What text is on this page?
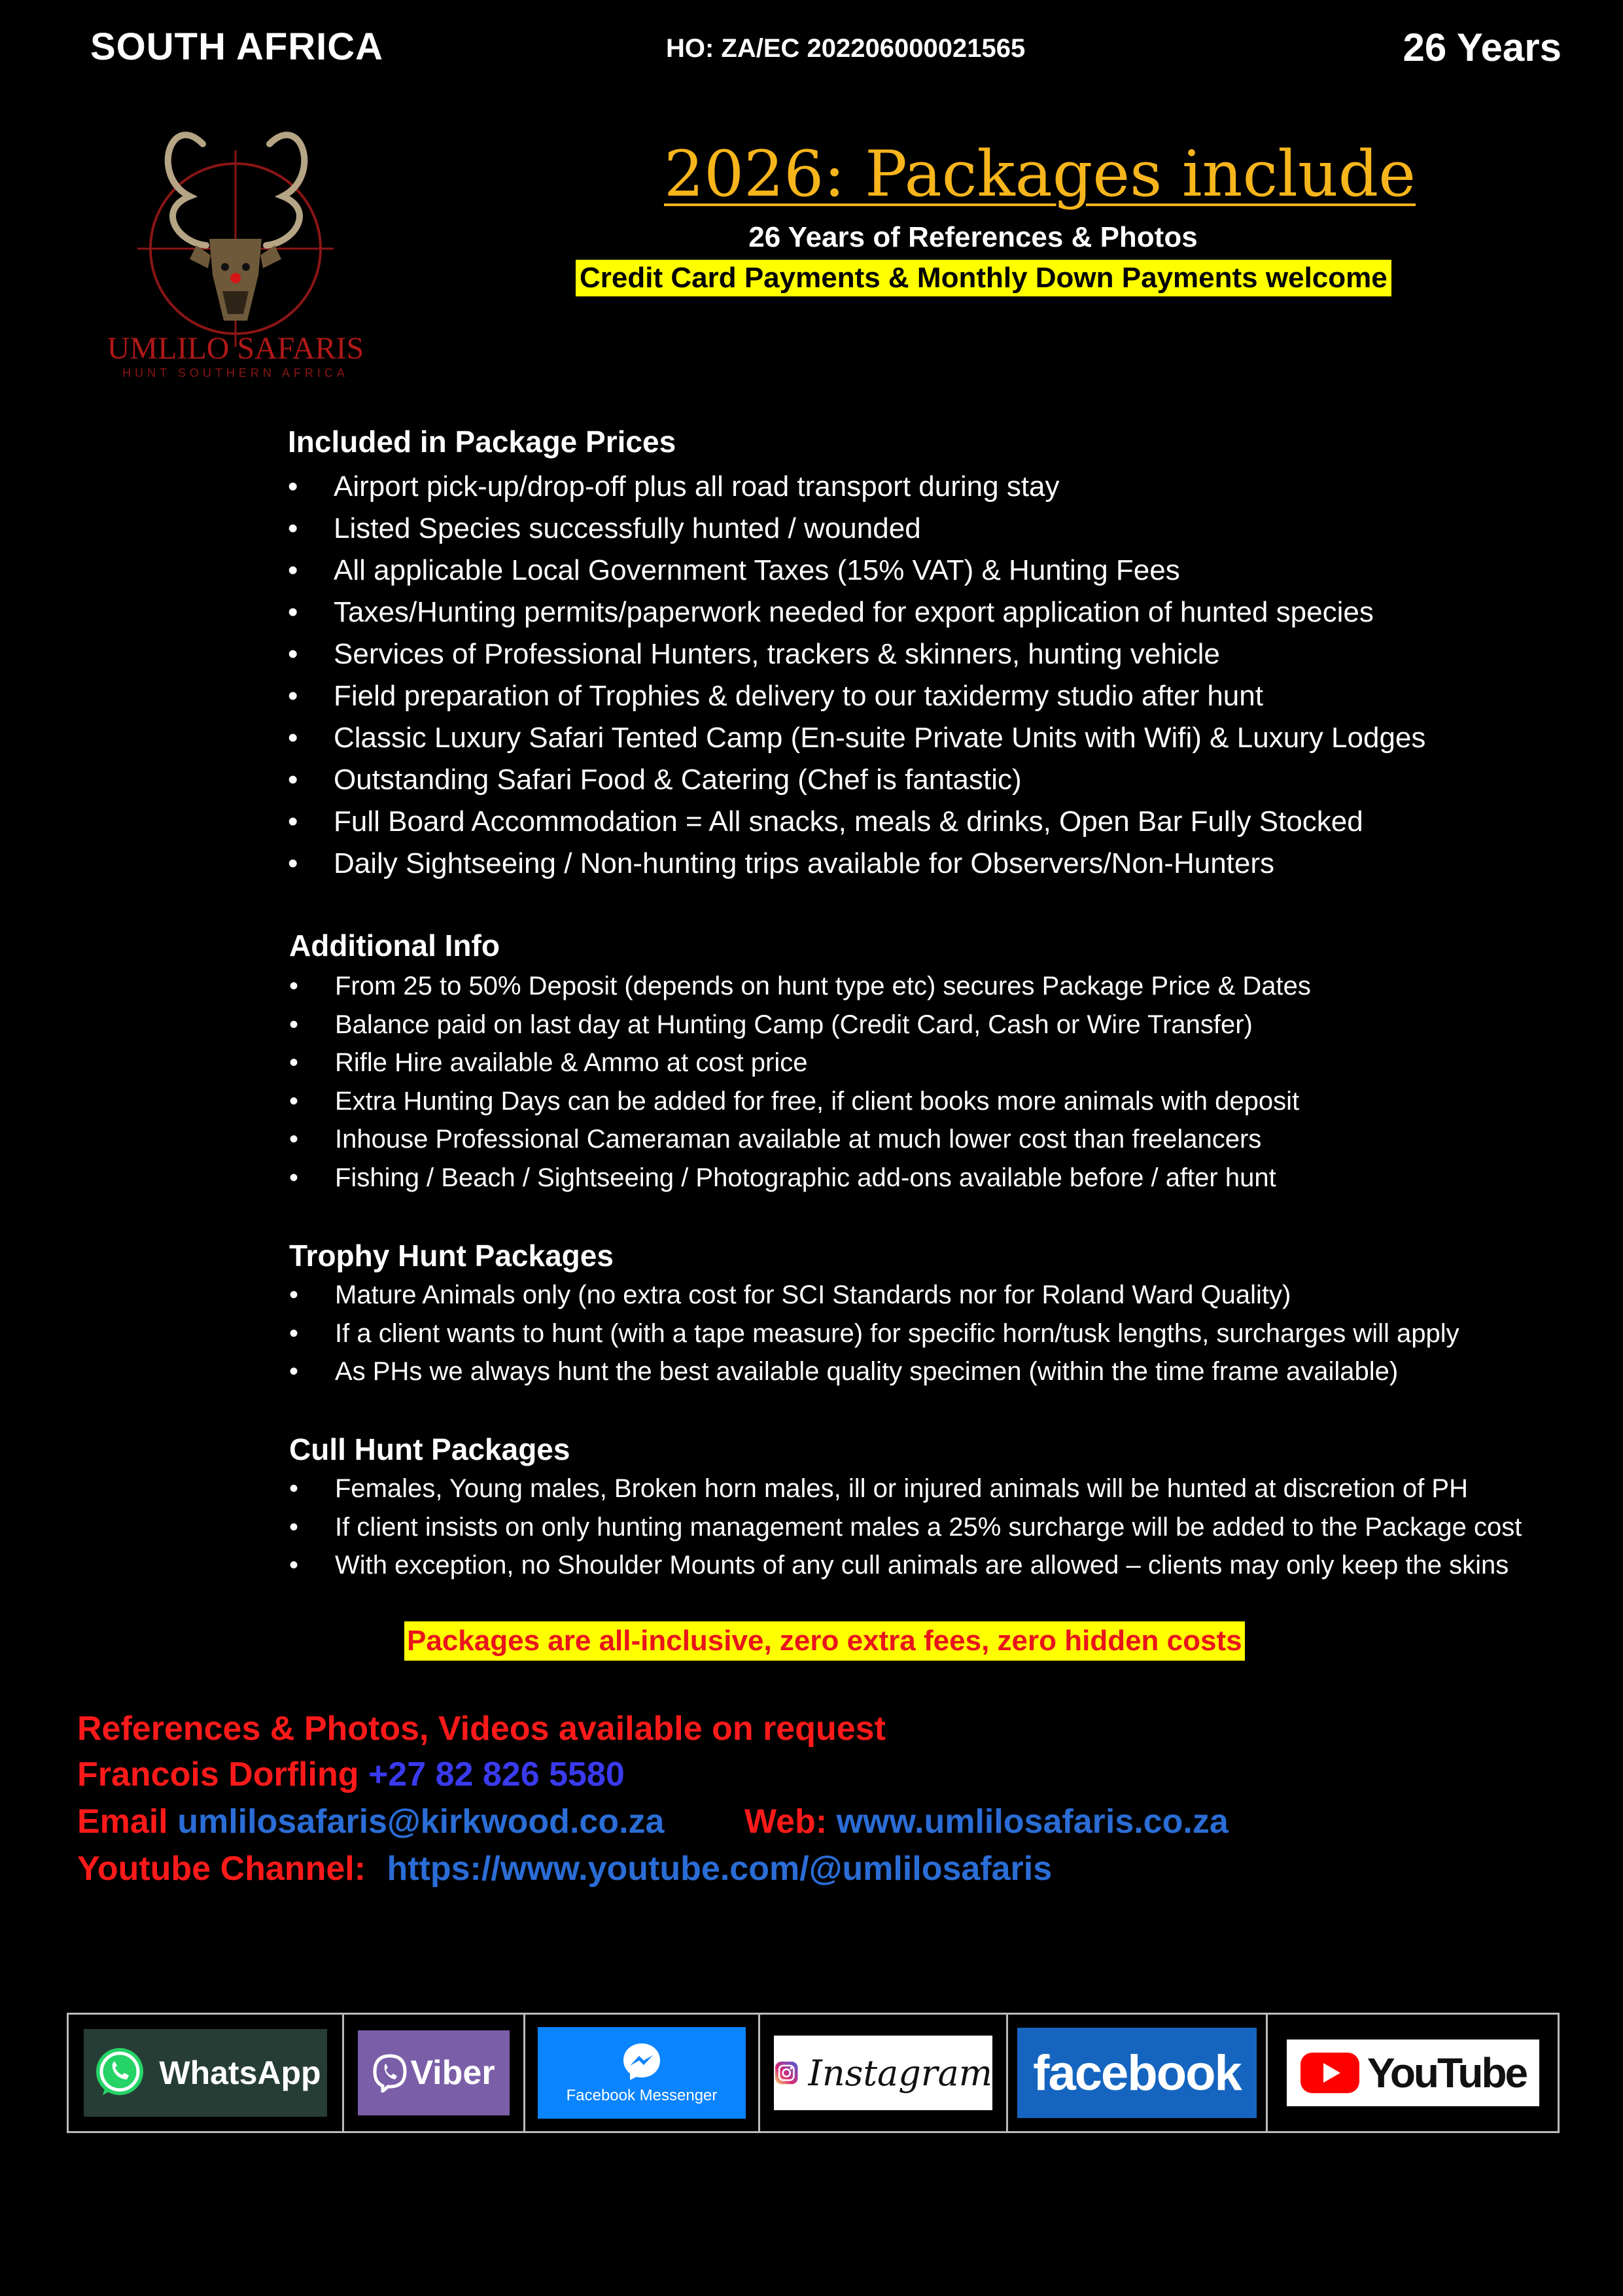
SOUTH AFRICA	HO: ZA/EC 202206000021565	26 Years
UMLILO SAFARIS
HUNT SOUTHERN AFRICA
2026: Packages include
26 Years of References & Photos
Credit Card Payments & Monthly Down Payments welcome
Included in Package Prices
• Airport pick-up/drop-off plus all road transport during stay
• Listed Species successfully hunted / wounded
• All applicable Local Government Taxes (15% VAT) & Hunting Fees
• Taxes/Hunting permits/paperwork needed for export application of hunted species
• Services of Professional Hunters, trackers & skinners, hunting vehicle
• Field preparation of Trophies & delivery to our taxidermy studio after hunt
• Classic Luxury Safari Tented Camp (En-suite Private Units with Wifi) & Luxury Lodges
• Outstanding Safari Food & Catering (Chef is fantastic)
• Full Board Accommodation = All snacks, meals & drinks, Open Bar Fully Stocked
• Daily Sightseeing / Non-hunting trips available for Observers/Non-Hunters
Additional Info
• From 25 to 50% Deposit (depends on hunt type etc) secures Package Price & Dates
• Balance paid on last day at Hunting Camp (Credit Card, Cash or Wire Transfer)
• Rifle Hire available & Ammo at cost price
• Extra Hunting Days can be added for free, if client books more animals with deposit
• Inhouse Professional Cameraman available at much lower cost than freelancers
• Fishing / Beach / Sightseeing / Photographic add-ons available before / after hunt
Trophy Hunt Packages
• Mature Animals only (no extra cost for SCI Standards nor for Roland Ward Quality)
• If a client wants to hunt (with a tape measure) for specific horn/tusk lengths, surcharges will apply
• As PHs we always hunt the best available quality specimen (within the time frame available)
Cull Hunt Packages
• Females, Young males, Broken horn males, ill or injured animals will be hunted at discretion of PH
• If client insists on only hunting management males a 25% surcharge will be added to the Package cost
• With exception, no Shoulder Mounts of any cull animals are allowed – clients may only keep the skins
Packages are all-inclusive, zero extra fees, zero hidden costs
References & Photos, Videos available on request
Francois Dorfling +27 82 826 5580
Email umlilosafaris@kirkwood.co.za Web: www.umlilosafaris.co.za
Youtube Channel: https://www.youtube.com/@umlilosafaris
WhatsApp	Viber
Facebook Messenger
Instagram facebook	YouTube
